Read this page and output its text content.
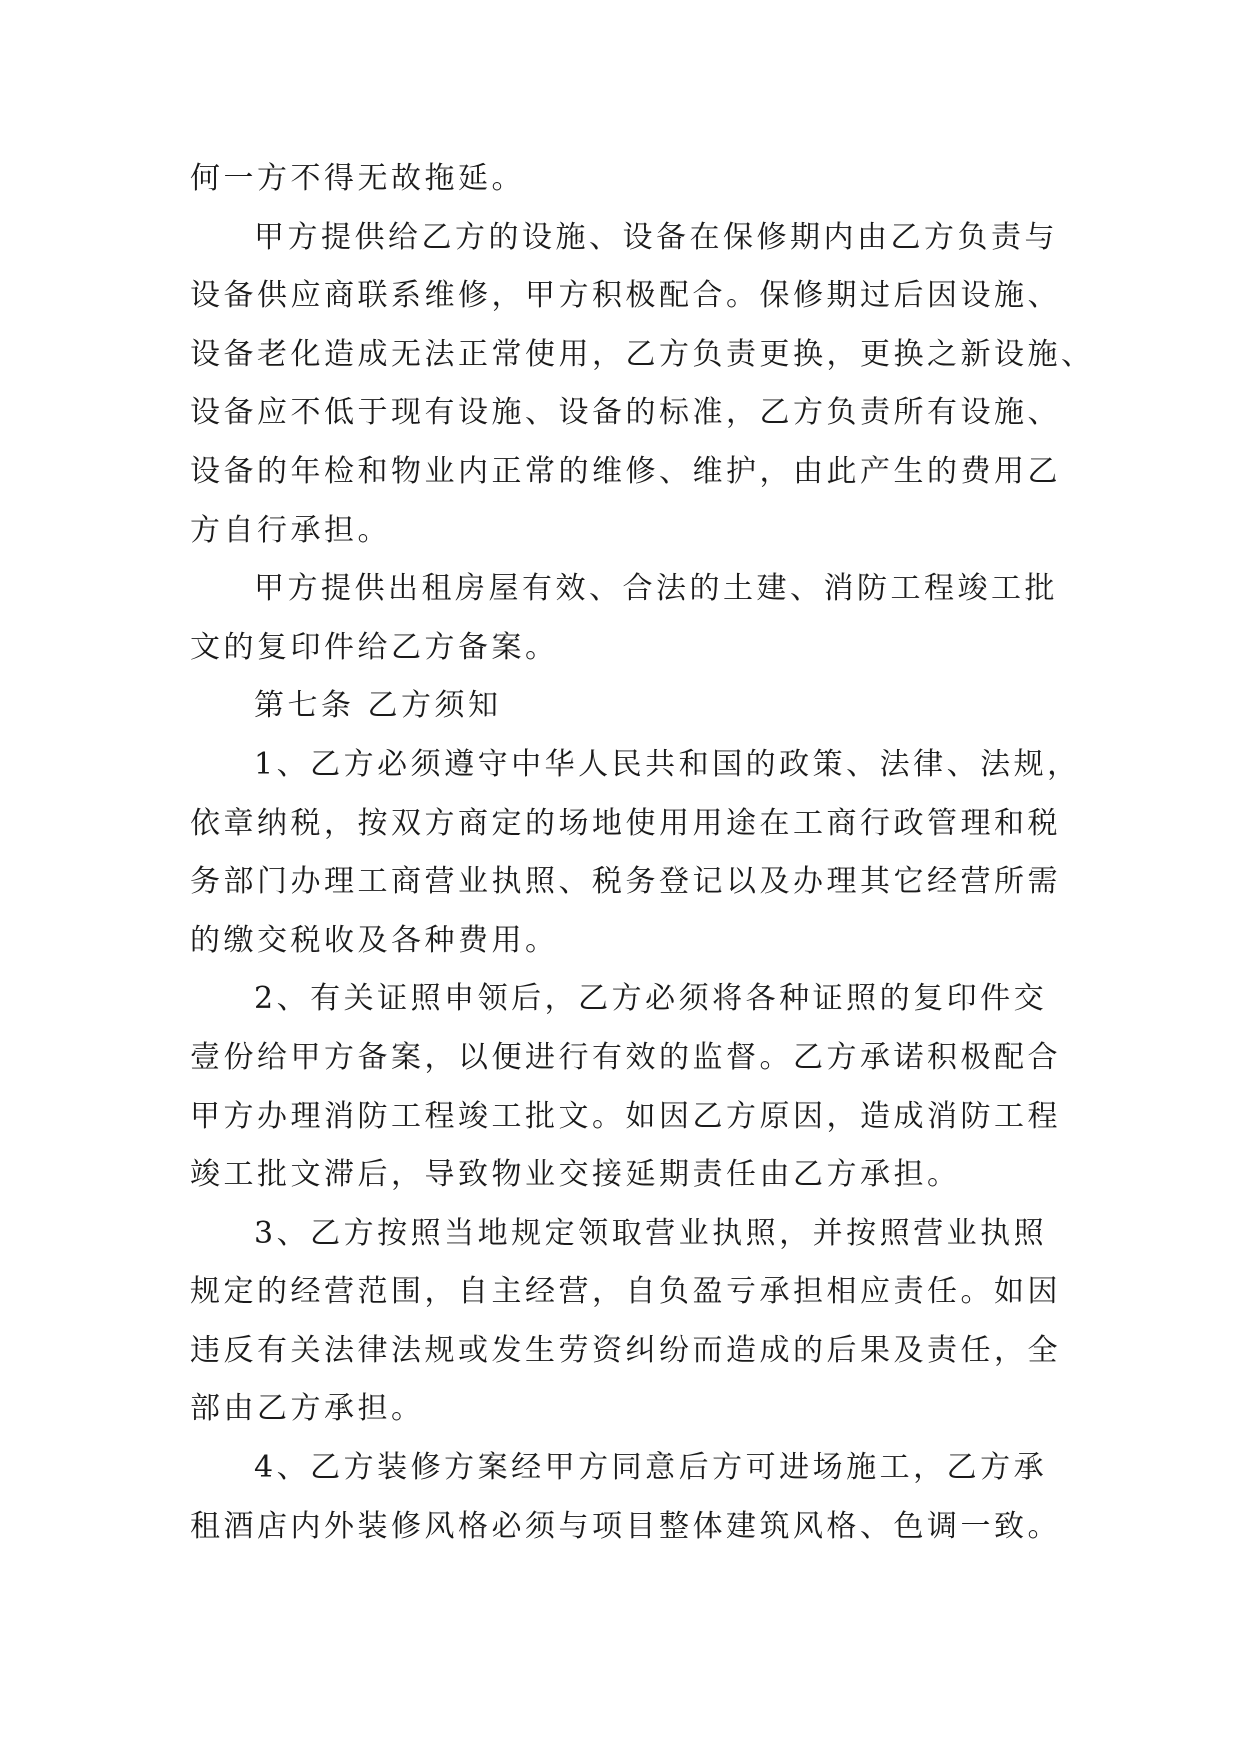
何一方不得无故拖延。
甲方提供给乙方的设施、设备在保修期内由乙方负责与
设备供应商联系维修，甲方积极配合。保修期过后因设施、
设备老化造成无法正常使用，乙方负责更换，更换之新设施、
设备应不低于现有设施、设备的标准，乙方负责所有设施、
设备的年检和物业内正常的维修、维护，由此产生的费用乙
方自行承担。
甲方提供出租房屋有效、合法的土建、消防工程竣工批
文的复印件给乙方备案。
第七条 乙方须知
1、乙方必须遵守中华人民共和国的政策、法律、法规，
依章纳税，按双方商定的场地使用用途在工商行政管理和税
务部门办理工商营业执照、税务登记以及办理其它经营所需
的缴交税收及各种费用。
2、有关证照申领后，乙方必须将各种证照的复印件交
壹份给甲方备案，以便进行有效的监督。乙方承诺积极配合
甲方办理消防工程竣工批文。如因乙方原因，造成消防工程
竣工批文滞后，导致物业交接延期责任由乙方承担。
3、乙方按照当地规定领取营业执照，并按照营业执照
规定的经营范围，自主经营，自负盈亏承担相应责任。如因
违反有关法律法规或发生劳资纠纷而造成的后果及责任，全
部由乙方承担。
4、乙方装修方案经甲方同意后方可进场施工，乙方承
租酒店内外装修风格必须与项目整体建筑风格、色调一致。
